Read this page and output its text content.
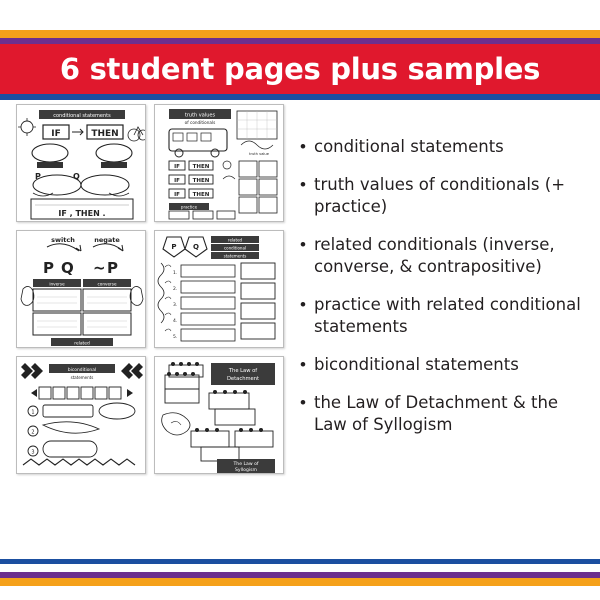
6 student pages plus samples
conditional statements
IF	THEN
P	Q
IF , THEN .
truth values
of conditionals
truth value
IF THEN
IF THEN
IF THEN
practice
switch	negate
P Q ~ P
inverse	converse
related
P Q
related
conditional
statements
1.
2.
3.
4.
5.
biconditional
statements
1
2
3
The Law of
Detachment
The Law of
Syllogism
• conditional statements
• truth values of conditionals (+ practice)
• related conditionals (inverse, converse, & contrapositive)
• practice with related conditional statements
• biconditional statements
• the Law of Detachment & the Law of Syllogism
